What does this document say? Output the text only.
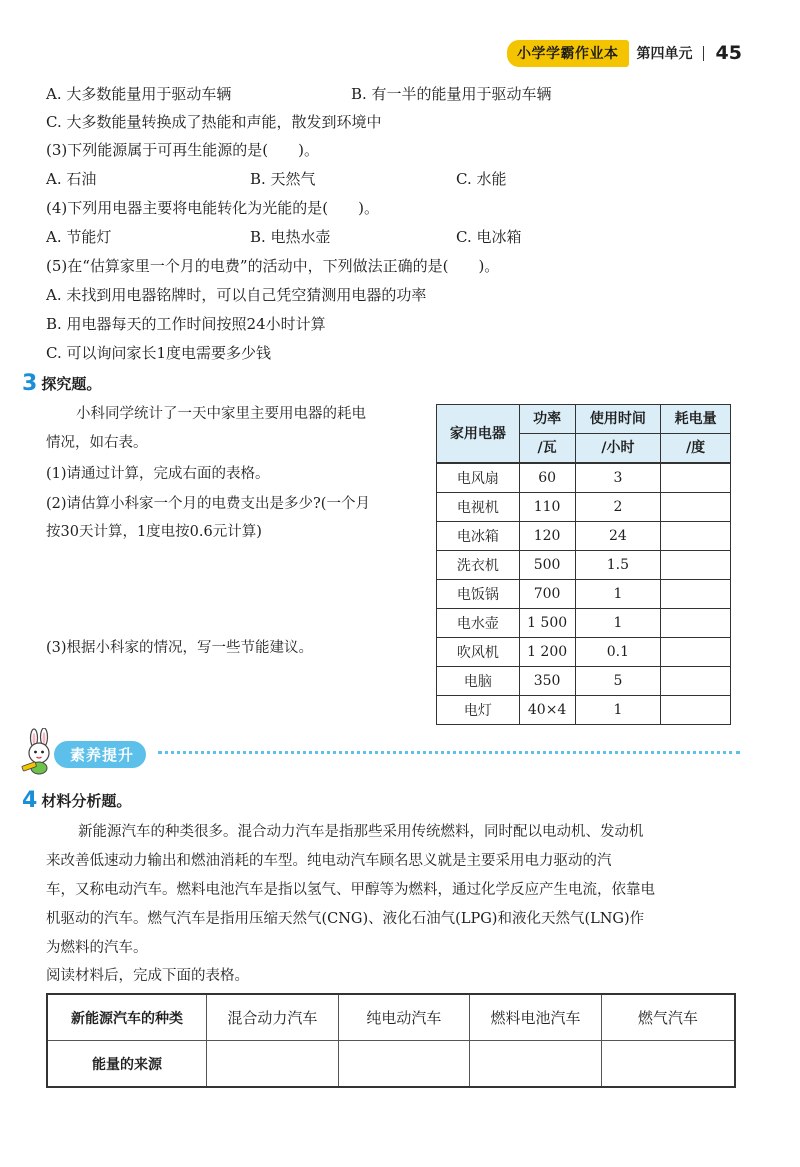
小学学霸作业本	第四单元 45
A. 大多数能量用于驱动车辆	B. 有一半的能量用于驱动车辆
C. 大多数能量转换成了热能和声能，散发到环境中
(3)下列能源属于可再生能源的是(　　)。
A. 石油	B. 天然气	C. 水能
(4)下列用电器主要将电能转化为光能的是(　　)。
A. 节能灯	B. 电热水壶	C. 电冰箱
(5)在“估算家里一个月的电费”的活动中，下列做法正确的是(　　)。
A. 未找到用电器铭牌时，可以自己凭空猜测用电器的功率
B. 用电器每天的工作时间按照24小时计算
C. 可以询问家长1度电需要多少钱
3 探究题。
小科同学统计了一天中家里主要用电器的耗电
情况，如右表。
(1)请通过计算，完成右面的表格。
(2)请估算小科家一个月的电费支出是多少?(一个月
按30天计算，1度电按0.6元计算)
(3)根据小科家的情况，写一些节能建议。
家用电器	功率	使用时间	耗电量
	/瓦	/小时	/度
电风扇	60	3	
电视机	110	2	
电冰箱	120	24	
洗衣机	500	1.5	
电饭锅	700	1	
电水壶	1 500	1	
吹风机	1 200	0.1	
电脑	350	5	
电灯	40×4	1	
素养提升
4 材料分析题。
新能源汽车的种类很多。混合动力汽车是指那些采用传统燃料，同时配以电动机、发动机
来改善低速动力输出和燃油消耗的车型。纯电动汽车顾名思义就是主要采用电力驱动的汽
车，又称电动汽车。燃料电池汽车是指以氢气、甲醇等为燃料，通过化学反应产生电流，依靠电
机驱动的汽车。燃气汽车是指用压缩天然气(CNG)、液化石油气(LPG)和液化天然气(LNG)作
为燃料的汽车。
阅读材料后，完成下面的表格。
新能源汽车的种类	混合动力汽车	纯电动汽车	燃料电池汽车	燃气汽车
能量的来源				
